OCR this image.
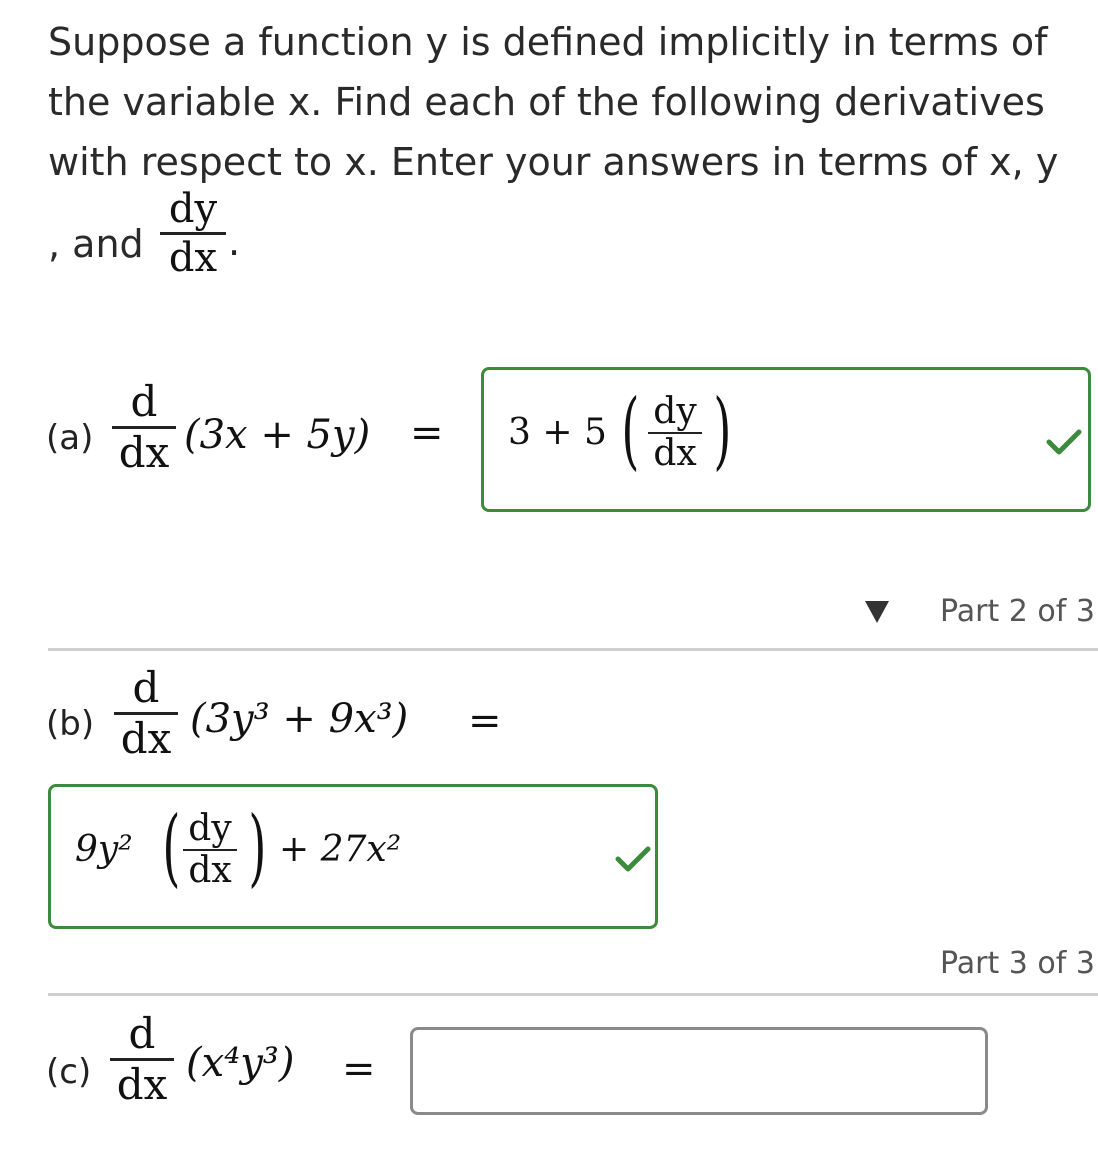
Suppose a function y is defined implicitly in terms of
the variable x. Find each of the following derivatives
with respect to x. Enter your answers in terms of x, y
, and
dy
dx .
(a)
d
dx (3x + 5y) = 3 + 5 ( dy
dx )
Part 2 of 3
(b)
d
dx (3y³ + 9x³) =
9y² ( dy
dx ) + 27x²
Part 3 of 3
(c)
d
dx (x⁴y³) =
